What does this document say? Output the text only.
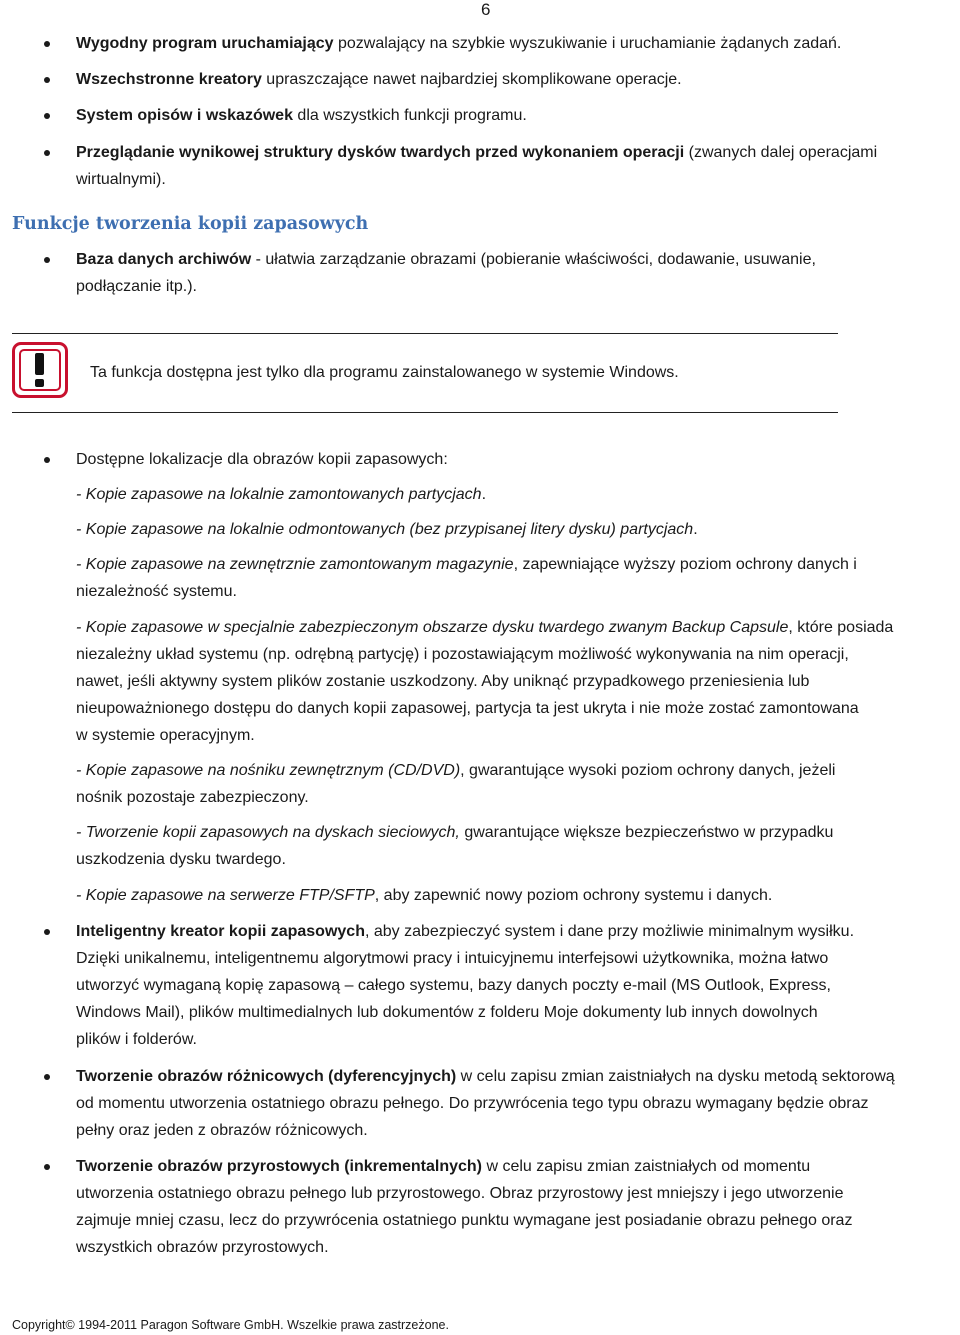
6
Wygodny program uruchamiający pozwalający na szybkie wyszukiwanie i uruchamianie żądanych zadań.
Wszechstronne kreatory upraszczające nawet najbardziej skomplikowane operacje.
System opisów i wskazówek dla wszystkich funkcji programu.
Przeglądanie wynikowej struktury dysków twardych przed wykonaniem operacji (zwanych dalej operacjami
wirtualnymi).
Funkcje tworzenia kopii zapasowych
Baza danych archiwów - ułatwia zarządzanie obrazami (pobieranie właściwości, dodawanie, usuwanie,
podłączanie itp.).
Ta funkcja dostępna jest tylko dla programu zainstalowanego w systemie Windows.
Dostępne lokalizacje dla obrazów kopii zapasowych:
- Kopie zapasowe na lokalnie zamontowanych partycjach.
- Kopie zapasowe na lokalnie odmontowanych (bez przypisanej litery dysku) partycjach.
- Kopie zapasowe na zewnętrznie zamontowanym magazynie, zapewniające wyższy poziom ochrony danych i
niezależność systemu.
- Kopie zapasowe w specjalnie zabezpieczonym obszarze dysku twardego zwanym Backup Capsule, które posiada
niezależny układ systemu (np. odrębną partycję) i pozostawiającym możliwość wykonywania na nim operacji,
nawet, jeśli aktywny system plików zostanie uszkodzony. Aby uniknąć przypadkowego przeniesienia lub
nieupoważnionego dostępu do danych kopii zapasowej, partycja ta jest ukryta i nie może zostać zamontowana
w systemie operacyjnym.
- Kopie zapasowe na nośniku zewnętrznym (CD/DVD), gwarantujące wysoki poziom ochrony danych, jeżeli
nośnik pozostaje zabezpieczony.
- Tworzenie kopii zapasowych na dyskach sieciowych, gwarantujące większe bezpieczeństwo w przypadku
uszkodzenia dysku twardego.
- Kopie zapasowe na serwerze FTP/SFTP, aby zapewnić nowy poziom ochrony systemu i danych.
Inteligentny kreator kopii zapasowych, aby zabezpieczyć system i dane przy możliwie minimalnym wysiłku.
Dzięki unikalnemu, inteligentnemu algorytmowi pracy i intuicyjnemu interfejsowi użytkownika, można łatwo
utworzyć wymaganą kopię zapasową – całego systemu, bazy danych poczty e-mail (MS Outlook, Express,
Windows Mail), plików multimedialnych lub dokumentów z folderu Moje dokumenty lub innych dowolnych
plików i folderów.
Tworzenie obrazów różnicowych (dyferencyjnych) w celu zapisu zmian zaistniałych na dysku metodą sektorową
od momentu utworzenia ostatniego obrazu pełnego. Do przywrócenia tego typu obrazu wymagany będzie obraz
pełny oraz jeden z obrazów różnicowych.
Tworzenie obrazów przyrostowych (inkrementalnych) w celu zapisu zmian zaistniałych od momentu
utworzenia ostatniego obrazu pełnego lub przyrostowego. Obraz przyrostowy jest mniejszy i jego utworzenie
zajmuje mniej czasu, lecz do przywrócenia ostatniego punktu wymagane jest posiadanie obrazu pełnego oraz
wszystkich obrazów przyrostowych.
Copyright© 1994-2011 Paragon Software GmbH. Wszelkie prawa zastrzeżone.
